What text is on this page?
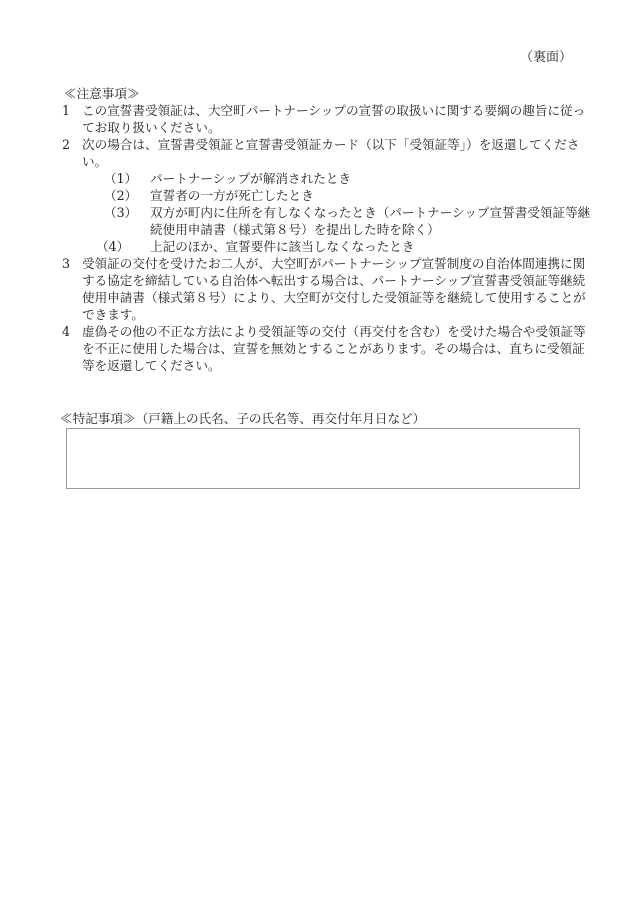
（裏面）

≪注意事項≫

1 この宣誓書受領証は、大空町パートナーシップの宣誓の取扱いに関する要綱の趣旨に従ってお取り扱いください。
2 次の場合は、宣誓書受領証と宣誓書受領証カード（以下「受領証等」）を返還してください。
（1）	パートナーシップが解消されたとき
（2）	宣誓者の一方が死亡したとき
（3）	双方が町内に住所を有しなくなったとき（パートナーシップ宣誓書受領証等継続使用申請書（様式第８号）を提出した時を除く）
（4）	上記のほか、宣誓要件に該当しなくなったとき
3 受領証の交付を受けたお二人が、大空町がパートナーシップ宣誓制度の自治体間連携に関する協定を締結している自治体へ転出する場合は、パートナーシップ宣誓書受領証等継続使用申請書（様式第８号）により、大空町が交付した受領証等を継続して使用することができます。
4 虚偽その他の不正な方法により受領証等の交付（再交付を含む）を受けた場合や受領証等を不正に使用した場合は、宣誓を無効とすることがあります。その場合は、直ちに受領証等を返還してください。

≪特記事項≫（戸籍上の氏名、子の氏名等、再交付年月日など）
